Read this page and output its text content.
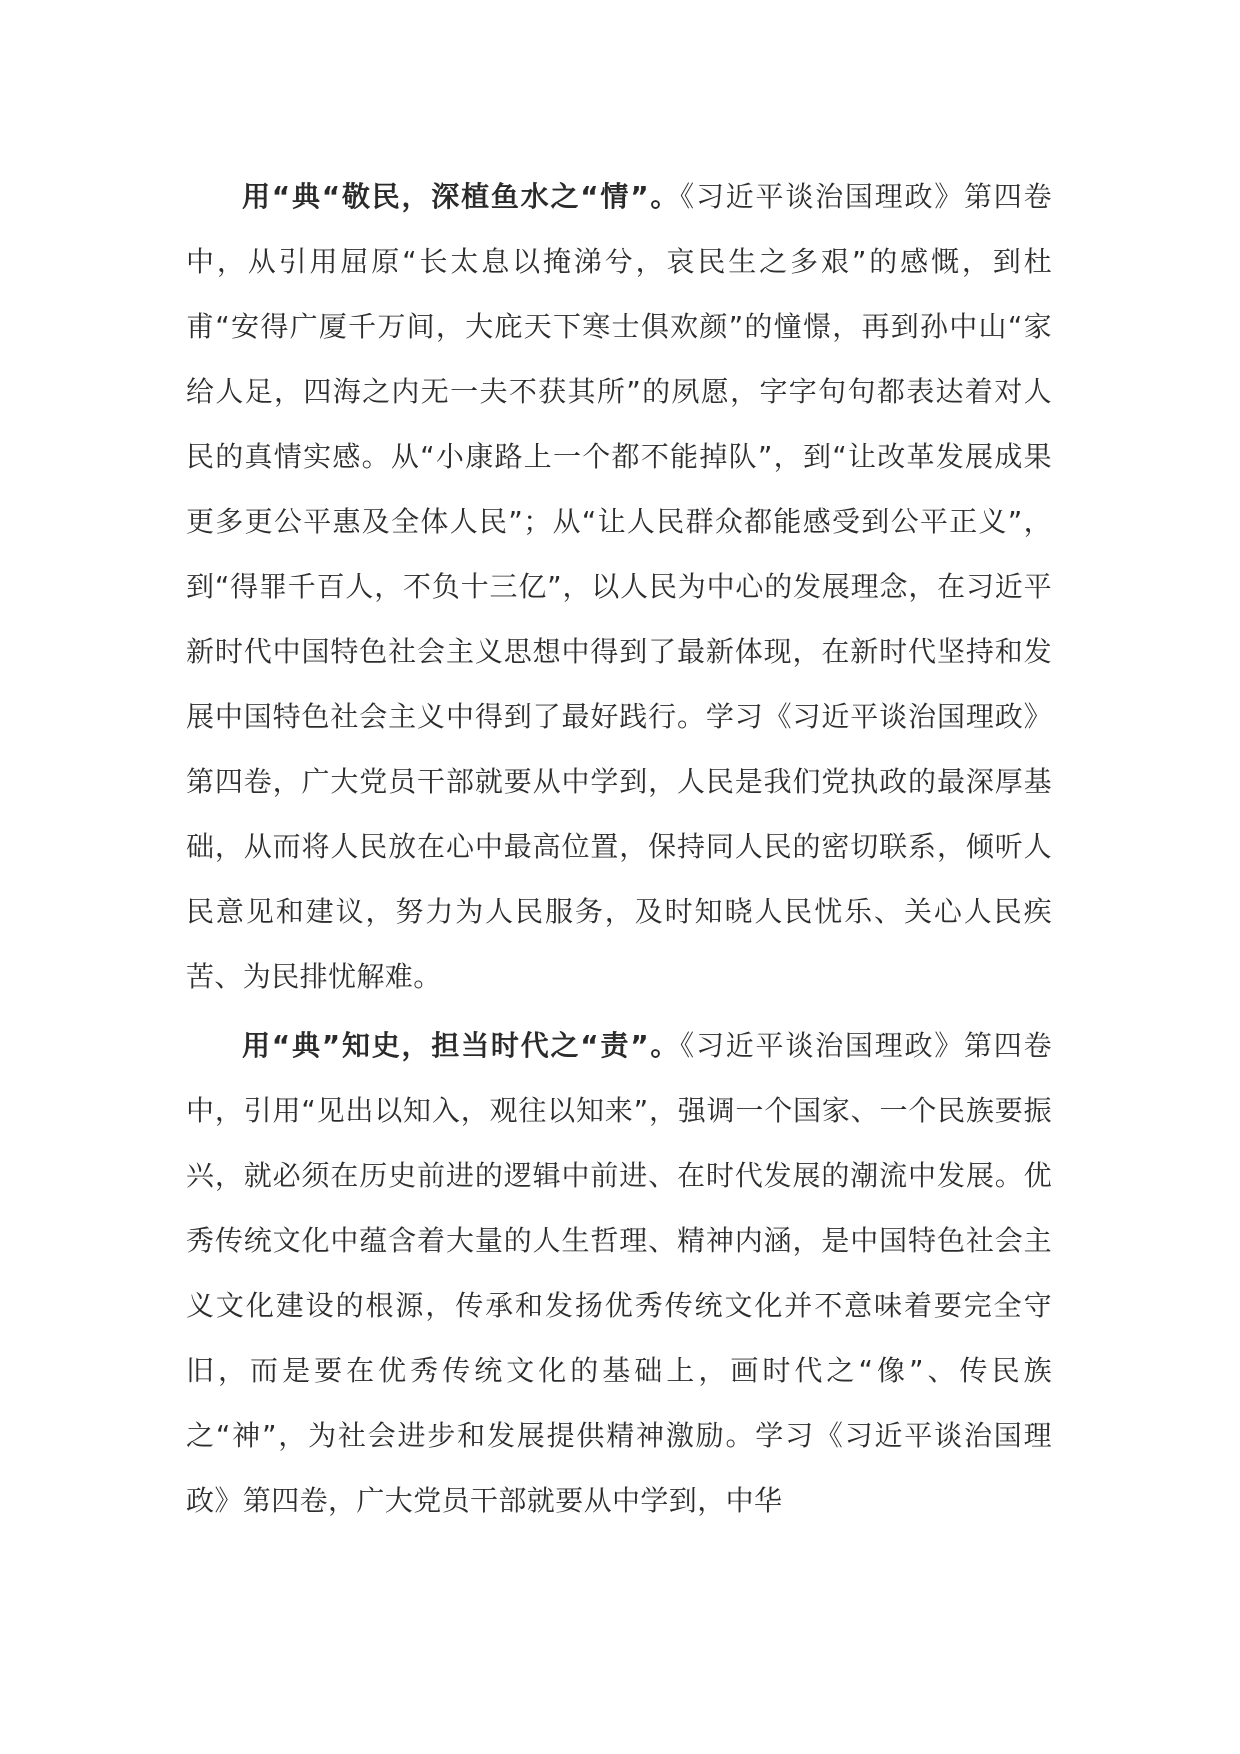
用“典“敬民，深植鱼水之“情”。《习近平谈治国理政》第四卷中，从引用屈原“长太息以掩涕兮，哀民生之多艰”的感慨，到杜甫“安得广厦千万间，大庇天下寒士俱欢颜”的憧憬，再到孙中山“家给人足，四海之内无一夫不获其所”的夙愿，字字句句都表达着对人民的真情实感。从“小康路上一个都不能掉队”，到“让改革发展成果更多更公平惠及全体人民”；从“让人民群众都能感受到公平正义”，到“得罪千百人，不负十三亿”，以人民为中心的发展理念，在习近平新时代中国特色社会主义思想中得到了最新体现，在新时代坚持和发展中国特色社会主义中得到了最好践行。学习《习近平谈治国理政》第四卷，广大党员干部就要从中学到，人民是我们党执政的最深厚基础，从而将人民放在心中最高位置，保持同人民的密切联系，倾听人民意见和建议，努力为人民服务，及时知晓人民忧乐、关心人民疾苦、为民排忧解难。

用“典”知史，担当时代之“责”。《习近平谈治国理政》第四卷中，引用“见出以知入，观往以知来”，强调一个国家、一个民族要振兴，就必须在历史前进的逻辑中前进、在时代发展的潮流中发展。优秀传统文化中蕴含着大量的人生哲理、精神内涵，是中国特色社会主义文化建设的根源，传承和发扬优秀传统文化并不意味着要完全守旧，而是要在优秀传统文化的基础上，画时代之“像”、传民族之“神”，为社会进步和发展提供精神激励。学习《习近平谈治国理政》第四卷，广大党员干部就要从中学到，中华
